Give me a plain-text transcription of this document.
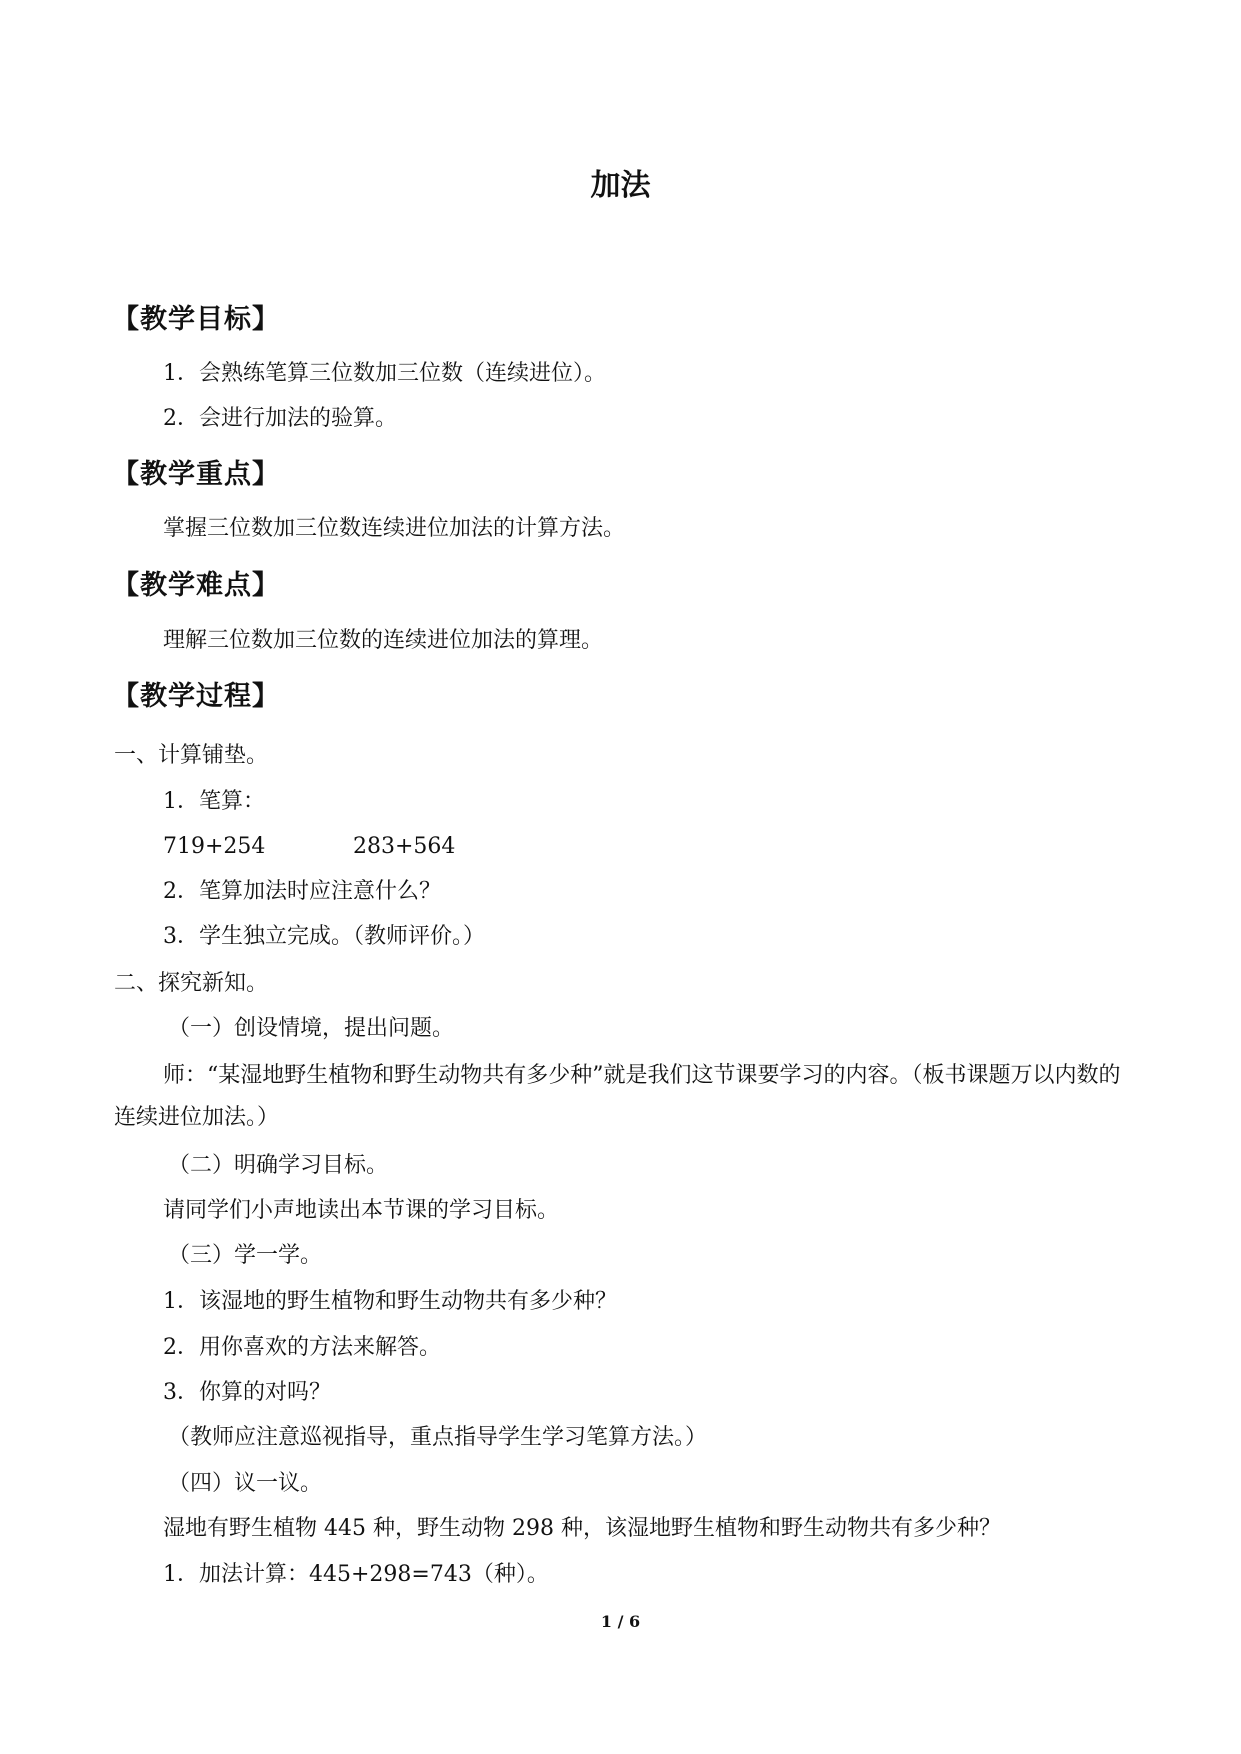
加法
【教学目标】
1．会熟练笔算三位数加三位数（连续进位）。
2．会进行加法的验算。
【教学重点】
掌握三位数加三位数连续进位加法的计算方法。
【教学难点】
理解三位数加三位数的连续进位加法的算理。
【教学过程】
一、计算铺垫。
1．笔算：
719+254	283+564
2．笔算加法时应注意什么？
3．学生独立完成。（教师评价。）
二、探究新知。
（一）创设情境，提出问题。
师：“某湿地野生植物和野生动物共有多少种”就是我们这节课要学习的内容。（板书课题万以内数的连续进位加法。）
（二）明确学习目标。
请同学们小声地读出本节课的学习目标。
（三）学一学。
1．该湿地的野生植物和野生动物共有多少种？
2．用你喜欢的方法来解答。
3．你算的对吗？
（教师应注意巡视指导，重点指导学生学习笔算方法。）
（四）议一议。
湿地有野生植物 445 种，野生动物 298 种，该湿地野生植物和野生动物共有多少种？
1．加法计算：445+298=743（种）。
1 / 6
